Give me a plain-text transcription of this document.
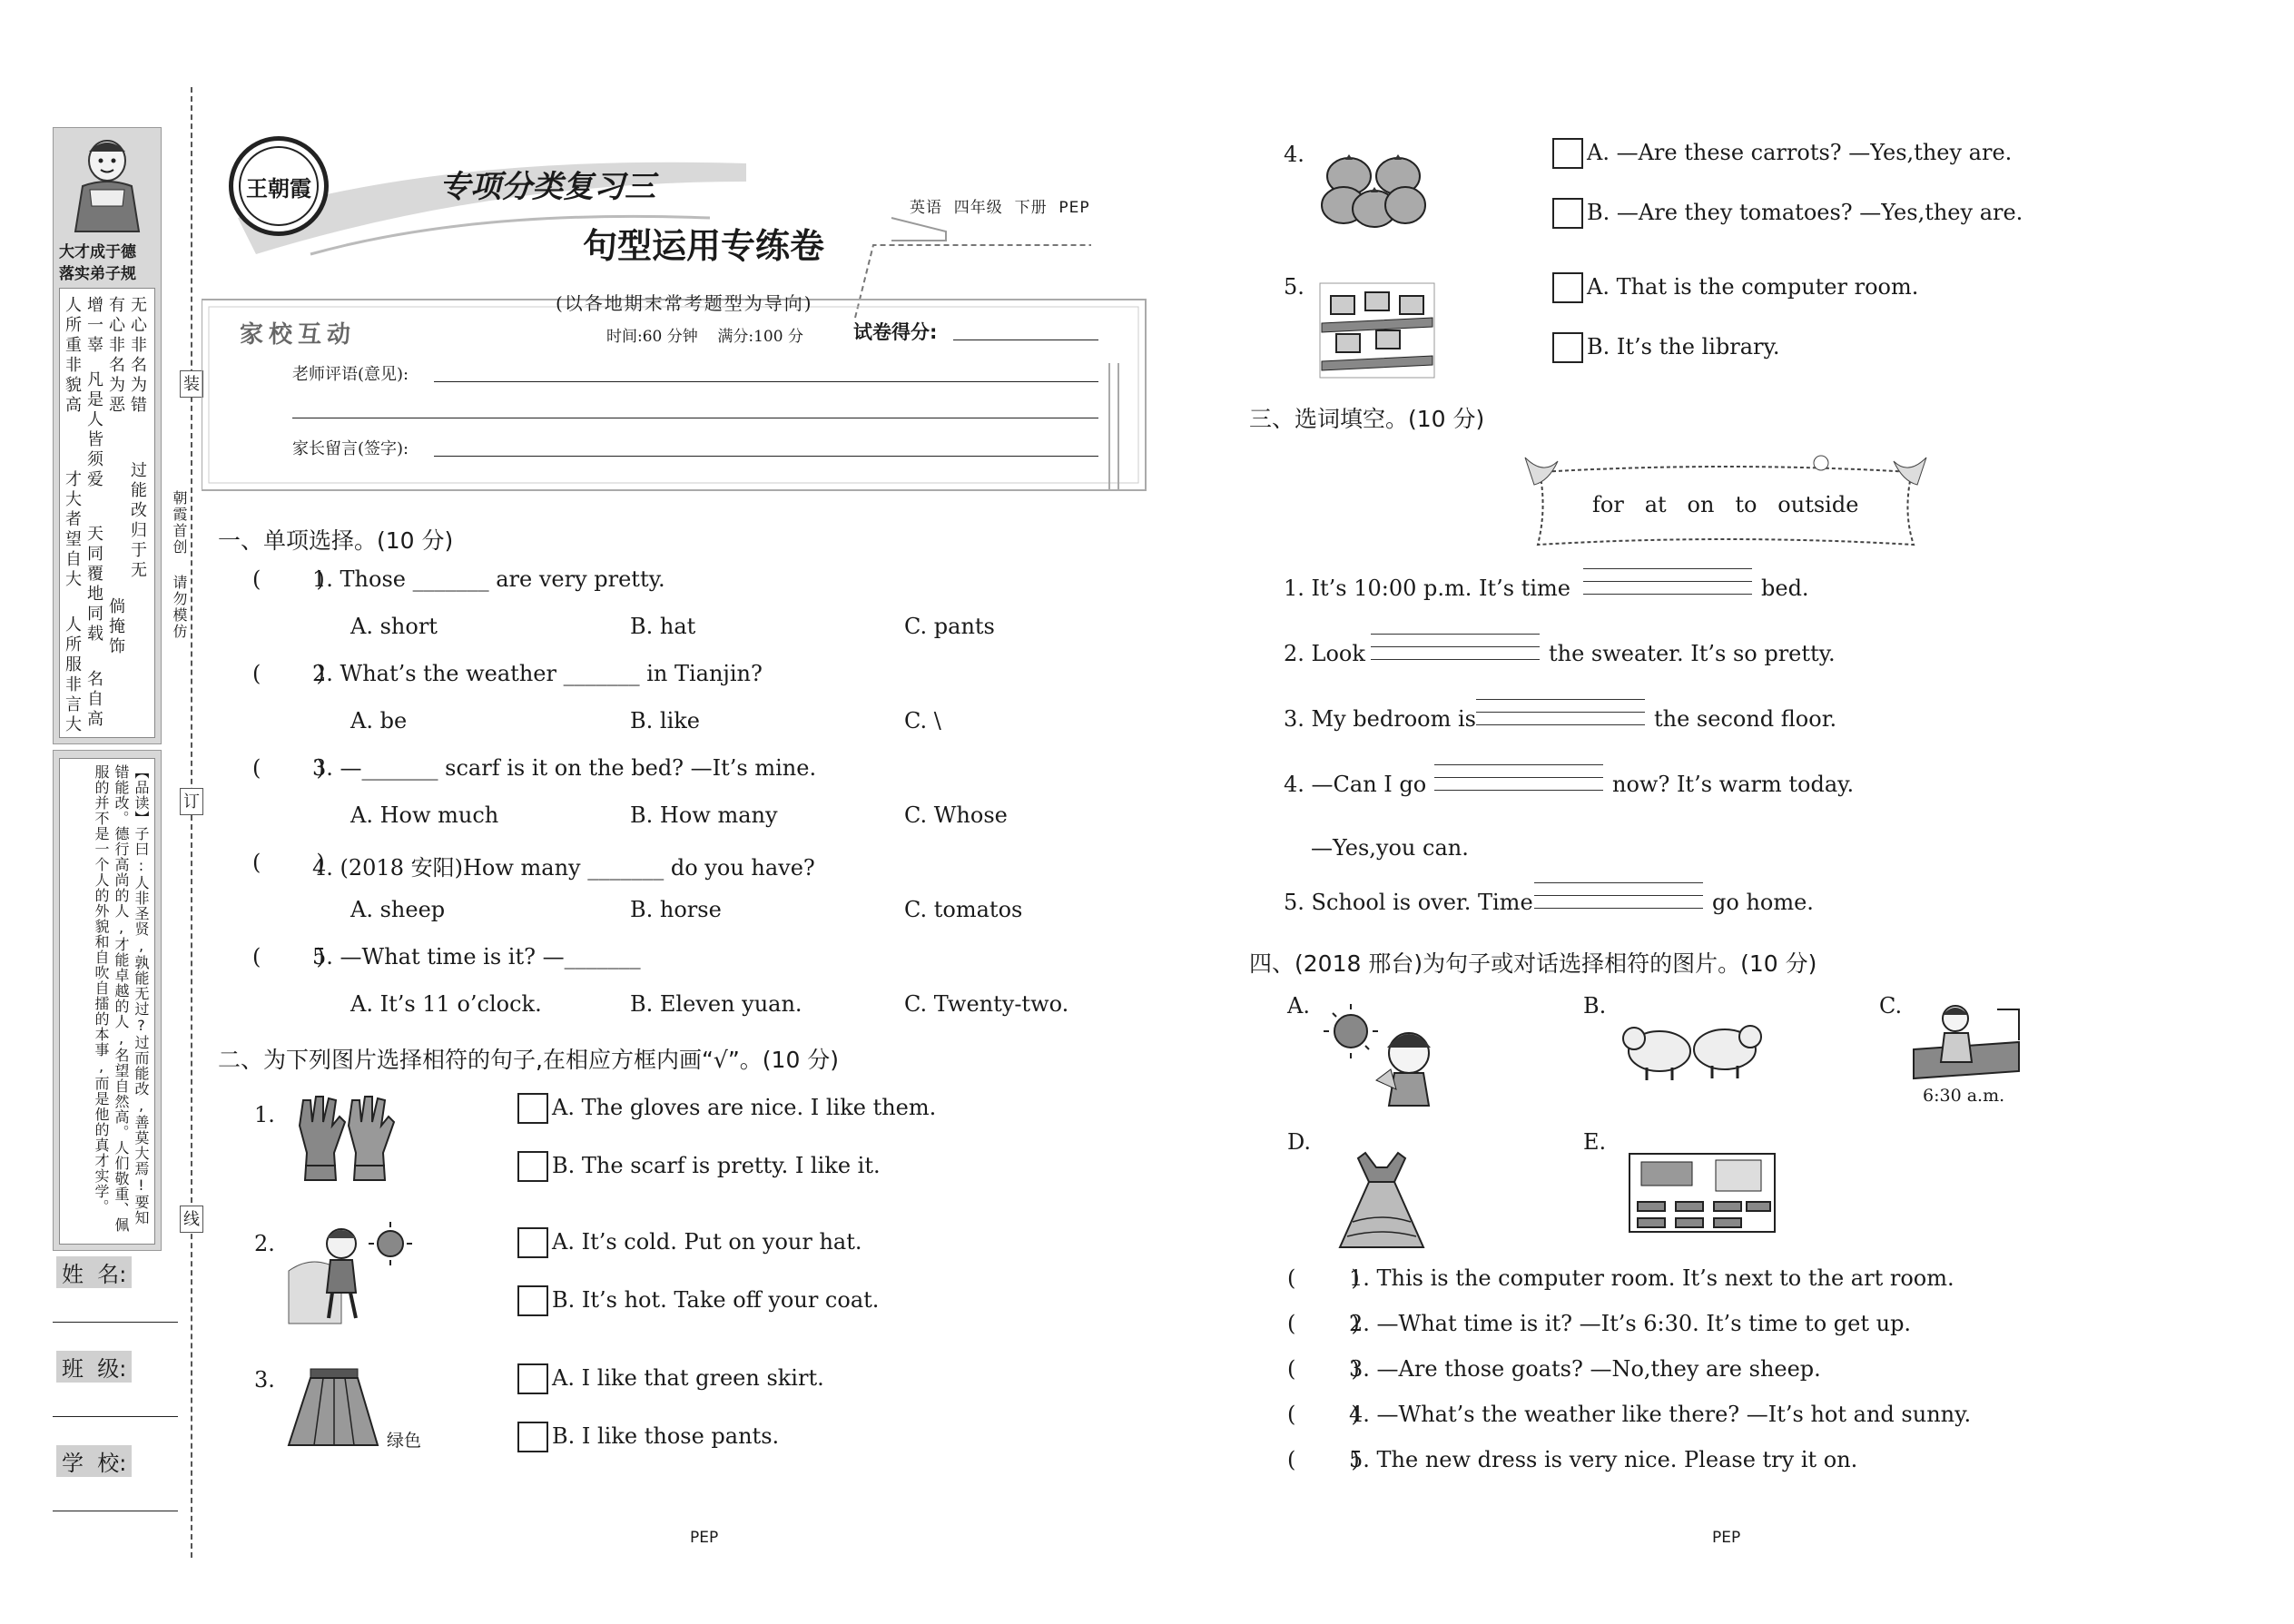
大才成于德
落实弟子规
无心非名为错
有心非名为恶
过能改归于无
倘掩饰
增一辜
凡是人皆须爱
天同覆地同载
名自高
人所重非貌高
才大者望自大
人所服非言大
【品读】子曰:人非圣贤,孰能无过?过而能改,善莫大焉!要知错能改。德行高尚的人,才能卓越的人,名望自然高。人们敬重、佩服的并不是一个人的外貌和自吹自擂的本事,而是他的真才实学。
姓  名:
班  级:
学  校:
装
订
线
朝霞首创 请勿模仿
王朝霞	专项分类复习三
句型运用专练卷
英语  四年级  下册  PEP
(以各地期末常考题型为导向)
家校互动	时间:60 分钟    满分:100 分	试卷得分:
老师评语(意见):
家长留言(签字):
一、单项选择。(10 分)
(        )
1. Those _______ are very pretty.
A. short	B. hat	C. pants
(        )
2. What’s the weather _______ in Tianjin?
A. be	B. like	C. \
(        )
3. —_______ scarf is it on the bed? —It’s mine.
A. How much	B. How many	C. Whose
(        )
4. (2018 安阳)How many _______ do you have?
A. sheep	B. horse	C. tomatos
(        )
5. —What time is it? —_______
A. It’s 11 o’clock.	B. Eleven yuan.	C. Twenty-two.
二、为下列图片选择相符的句子,在相应方框内画“√”。(10 分)
1.	A. The gloves are nice. I like them.
B. The scarf is pretty. I like it.
2.	A. It’s cold. Put on your hat.
B. It’s hot. Take off your coat.
3.
绿色
A. I like that green skirt.
B. I like those pants.
PEP
4.	A. —Are these carrots? —Yes,they are.
B. —Are they tomatoes? —Yes,they are.
5.	A. That is the computer room.
B. It’s the library.
三、选词填空。(10 分)
for   at   on   to   outside
1. It’s 10:00 p.m. It’s time	bed.
2. Look	the sweater. It’s so pretty.
3. My bedroom is	the second floor.
4. —Can I go	now? It’s warm today.
—Yes,you can.
5. School is over. Time	go home.
四、(2018 邢台)为句子或对话选择相符的图片。(10 分)
A.	B.	C.
6:30 a.m.
D.	E.
(        )
1. This is the computer room. It’s next to the art room.
(        )
2. —What time is it? —It’s 6:30. It’s time to get up.
(        )
3. —Are those goats? —No,they are sheep.
(        )
4. —What’s the weather like there? —It’s hot and sunny.
(        )
5. The new dress is very nice. Please try it on.
PEP
